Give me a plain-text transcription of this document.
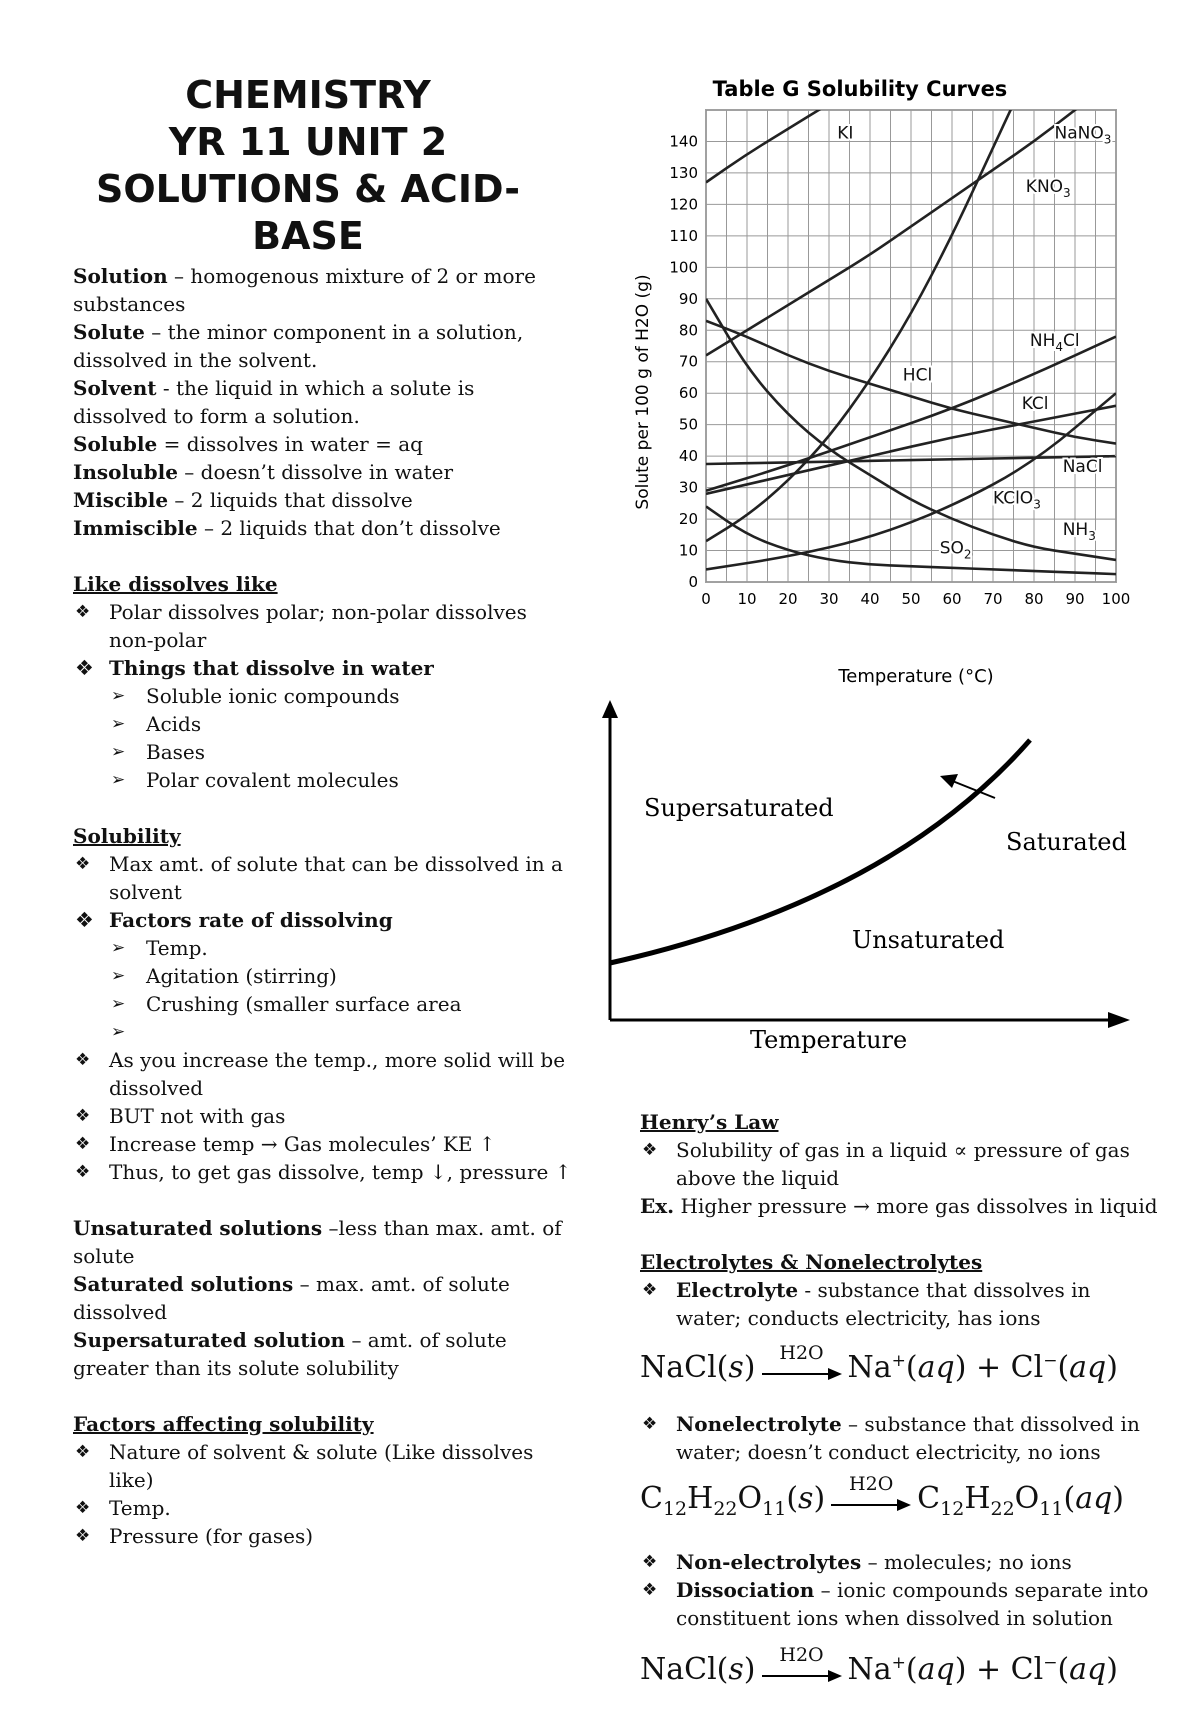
CHEMISTRY
YR 11 UNIT 2
SOLUTIONS & ACID-
BASE

Solution – homogenous mixture of 2 or more substances

Solute – the minor component in a solution, dissolved in the solvent.

Solvent - the liquid in which a solute is dissolved to form a solution.

Soluble = dissolves in water = aq

Insoluble – doesn’t dissolve in water

Miscible – 2 liquids that dissolve

Immiscible – 2 liquids that don’t dissolve

Like dissolves like

❖ Polar dissolves polar; non-polar dissolves non-polar
❖ Things that dissolve in water
➢ Soluble ionic compounds
➢ Acids
➢ Bases
➢ Polar covalent molecules

Solubility

❖ Max amt. of solute that can be dissolved in a solvent
❖ Factors rate of dissolving
➢ Temp.
➢ Agitation (stirring)
➢ Crushing (smaller surface area
➢
❖ As you increase the temp., more solid will be dissolved
❖ BUT not with gas
❖ Increase temp → Gas molecules’ KE ↑
❖ Thus, to get gas dissolve, temp ↓, pressure ↑

Unsaturated solutions –less than max. amt. of solute

Saturated solutions – max. amt. of solute dissolved

Supersaturated solution – amt. of solute greater than its solute solubility

Factors affecting solubility

❖ Nature of solvent & solute (Like dissolves like)
❖ Temp.
❖ Pressure (for gases)
Table G Solubility Curves
0 10 20 30 40 50 60 70 80 90 100
0
10
20
30
40
50
60
70
80
90
100
110
120
130
140	KI	NaNO$_3$
$KNO_3$
$NH_4Cl$
HCl
KCl
NaCl
KClO$_3$
$NH_3$
$SO_2$
Temperature (°C)
Solute per 100 g of H2O (g)
Supersaturated
Saturated
Unsaturated
Temperature

Henry’s Law

❖ Solubility of gas in a liquid ∝ pressure of gas above the liquid

Ex. Higher pressure → more gas dissolves in liquid

Electrolytes & Nonelectrolytes

❖ Electrolyte - substance that dissolves in water; conducts electricity, has ions
NaCl(s)	H2O Na+(aq) + Cl−(aq)
❖ Nonelectrolyte – substance that dissolved in water; doesn’t conduct electricity, no ions
$C_{12}H_{22}O_{11}(s)$	H2O $C_{12}H_{22}O_{11}(aq)$
❖ Non-electrolytes – molecules; no ions
❖ Dissociation – ionic compounds separate into constituent ions when dissolved in solution
NaCl(s)	H2O Na+(aq) + Cl−(aq)
